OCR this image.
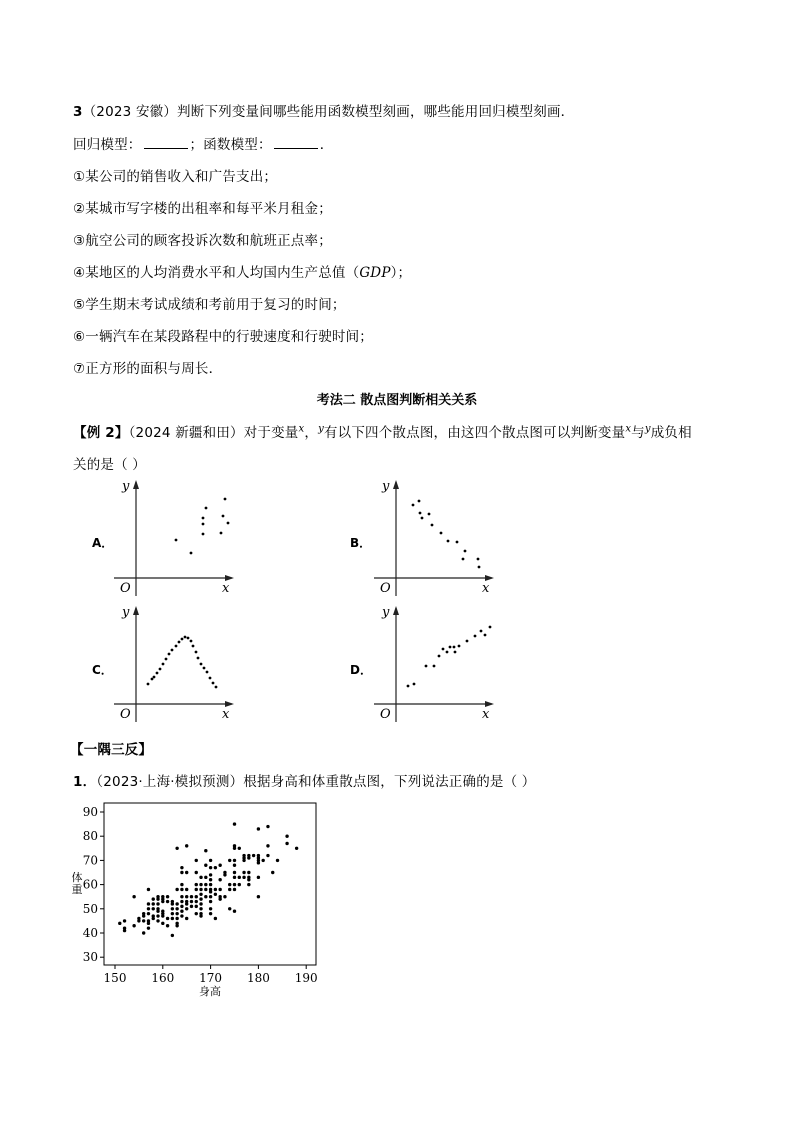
3（2023 安徽）判断下列变量间哪些能用函数模型刻画，哪些能用回归模型刻画．
回归模型：	；函数模型：	．
①某公司的销售收入和广告支出；
②某城市写字楼的出租率和每平米月租金；
③航空公司的顾客投诉次数和航班正点率；
④某地区的人均消费水平和人均国内生产总值（GDP）；
⑤学生期末考试成绩和考前用于复习的时间；
⑥一辆汽车在某段路程中的行驶速度和行驶时间；
⑦正方形的面积与周长．
考法二 散点图判断相关关系
【例 2】（2024 新疆和田）对于变量$^x$，$^y$有以下四个散点图，由这四个散点图可以判断变量$^x$与$^y$成负相
关的是（ ）
A．
x
y
O
B．
x
y
O
C．
x
y
O
D．
x
y
O
【一隅三反】
1．（2023·上海·模拟预测）根据身高和体重散点图，下列说法正确的是（ ）
150 160 170 180 190
30
40
50
60
70
80
90
身高
体
重
